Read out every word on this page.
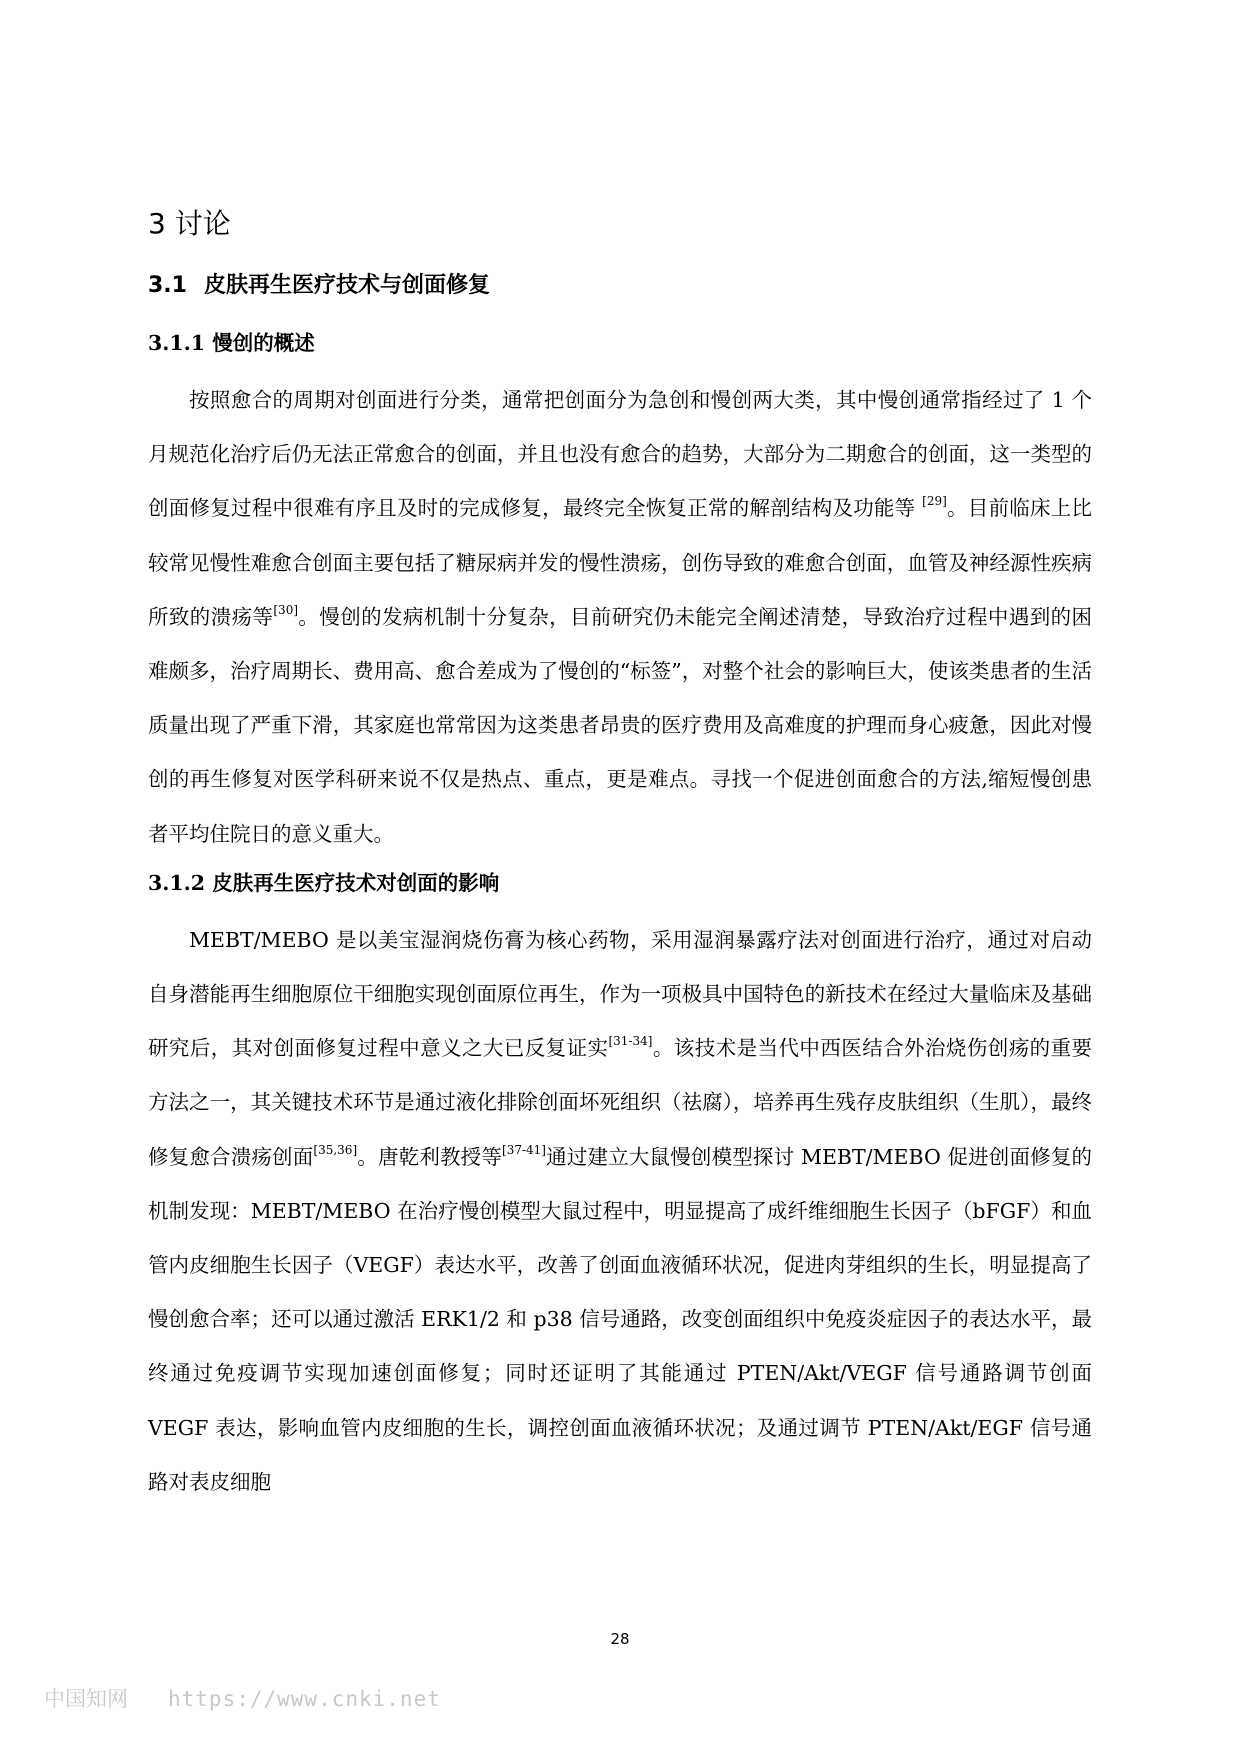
3 讨论
3.1 皮肤再生医疗技术与创面修复
3.1.1 慢创的概述

按照愈合的周期对创面进行分类，通常把创面分为急创和慢创两大类，其中慢创通常指经过了 1 个月规范化治疗后仍无法正常愈合的创面，并且也没有愈合的趋势，大部分为二期愈合的创面，这一类型的创面修复过程中很难有序且及时的完成修复，最终完全恢复正常的解剖结构及功能等 [29]。目前临床上比较常见慢性难愈合创面主要包括了糖尿病并发的慢性溃疡，创伤导致的难愈合创面，血管及神经源性疾病所致的溃疡等[30]。慢创的发病机制十分复杂，目前研究仍未能完全阐述清楚，导致治疗过程中遇到的困难颇多，治疗周期长、费用高、愈合差成为了慢创的“标签”，对整个社会的影响巨大，使该类患者的生活质量出现了严重下滑，其家庭也常常因为这类患者昂贵的医疗费用及高难度的护理而身心疲惫，因此对慢创的再生修复对医学科研来说不仅是热点、重点，更是难点。寻找一个促进创面愈合的方法,缩短慢创患者平均住院日的意义重大。

3.1.2 皮肤再生医疗技术对创面的影响

MEBT/MEBO 是以美宝湿润烧伤膏为核心药物，采用湿润暴露疗法对创面进行治疗，通过对启动自身潜能再生细胞原位干细胞实现创面原位再生，作为一项极具中国特色的新技术在经过大量临床及基础研究后，其对创面修复过程中意义之大已反复证实[31-34]。该技术是当代中西医结合外治烧伤创疡的重要方法之一，其关键技术环节是通过液化排除创面坏死组织（祛腐），培养再生残存皮肤组织（生肌），最终修复愈合溃疡创面[35,36]。唐乾利教授等[37-41]通过建立大鼠慢创模型探讨 MEBT/MEBO 促进创面修复的机制发现：MEBT/MEBO 在治疗慢创模型大鼠过程中，明显提高了成纤维细胞生长因子（bFGF）和血管内皮细胞生长因子（VEGF）表达水平，改善了创面血液循环状况，促进肉芽组织的生长，明显提高了慢创愈合率；还可以通过激活 ERK1/2 和 p38 信号通路，改变创面组织中免疫炎症因子的表达水平，最终通过免疫调节实现加速创面修复；同时还证明了其能通过 PTEN/Akt/VEGF 信号通路调节创面 VEGF 表达，影响血管内皮细胞的生长，调控创面血液循环状况；及通过调节 PTEN/Akt/EGF 信号通路对表皮细胞

28
中国知网 https://www.cnki.net
